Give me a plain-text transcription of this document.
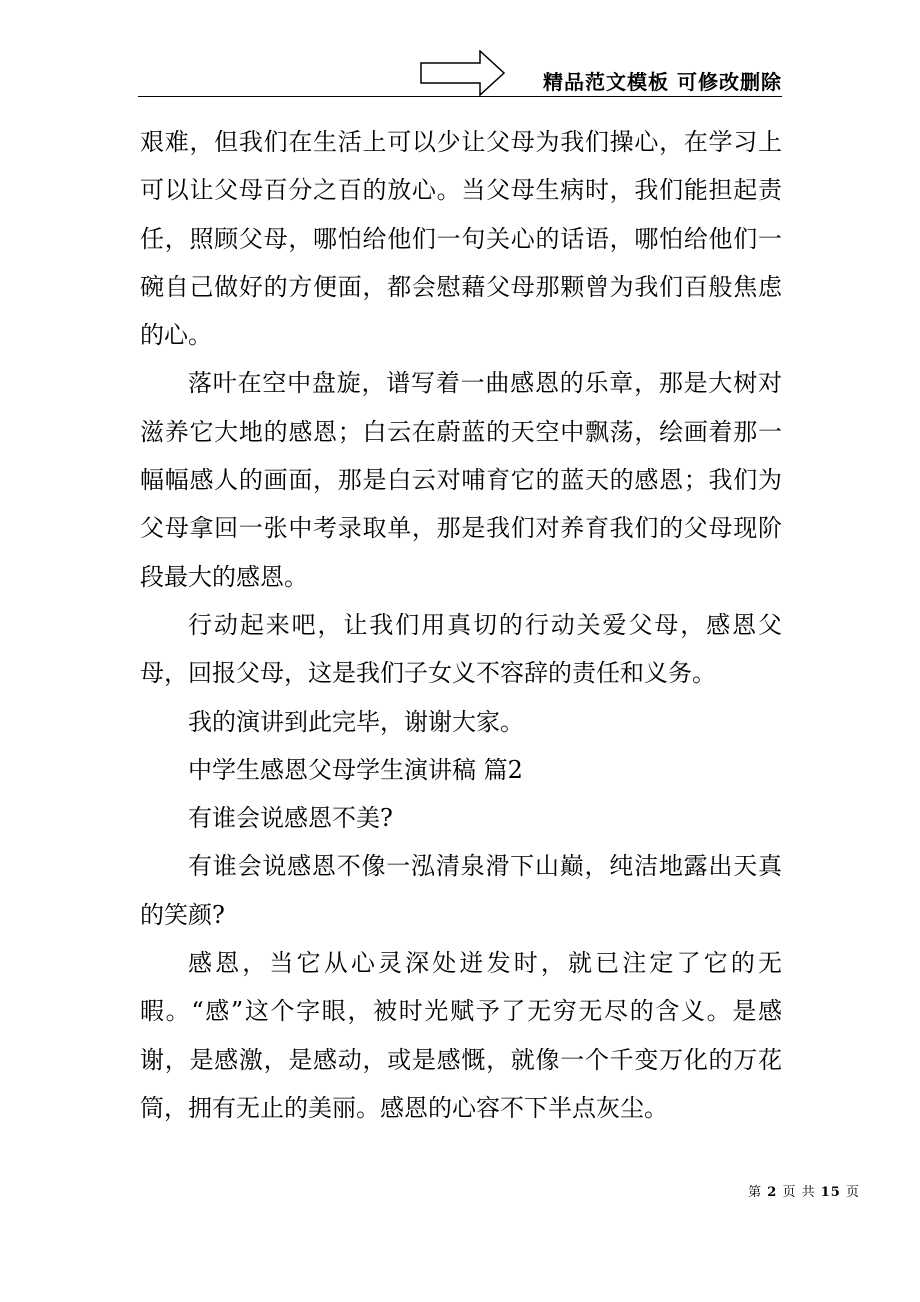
精品范文模板 可修改删除

艰难，但我们在生活上可以少让父母为我们操心，在学习上可以让父母百分之百的放心。当父母生病时，我们能担起责任，照顾父母，哪怕给他们一句关心的话语，哪怕给他们一碗自己做好的方便面，都会慰藉父母那颗曾为我们百般焦虑的心。

落叶在空中盘旋，谱写着一曲感恩的乐章，那是大树对滋养它大地的感恩；白云在蔚蓝的天空中飘荡，绘画着那一幅幅感人的画面，那是白云对哺育它的蓝天的感恩；我们为父母拿回一张中考录取单，那是我们对养育我们的父母现阶段最大的感恩。

行动起来吧，让我们用真切的行动关爱父母，感恩父母，回报父母，这是我们子女义不容辞的责任和义务。

我的演讲到此完毕，谢谢大家。

中学生感恩父母学生演讲稿 篇2

有谁会说感恩不美?

有谁会说感恩不像一泓清泉滑下山巅，纯洁地露出天真的笑颜?

感恩，当它从心灵深处迸发时，就已注定了它的无暇。“感”这个字眼，被时光赋予了无穷无尽的含义。是感谢，是感激，是感动，或是感慨，就像一个千变万化的万花筒，拥有无止的美丽。感恩的心容不下半点灰尘。

第 2 页 共 15 页
